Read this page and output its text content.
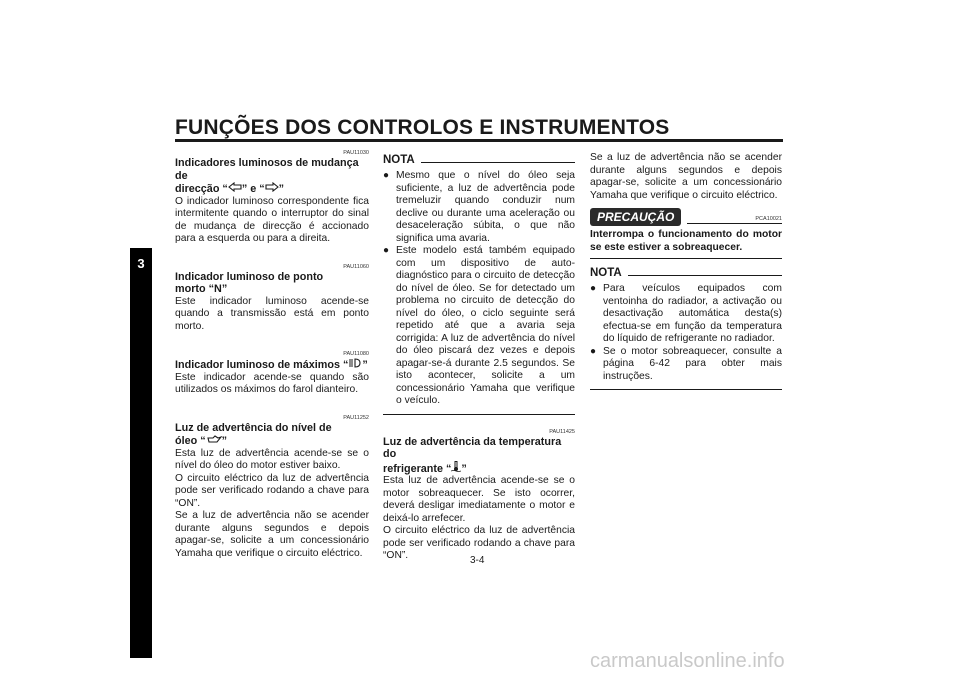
FUNÇÕES DOS CONTROLOS E INSTRUMENTOS
3
PAU11030
Indicadores luminosos de mudança de
direcção “ ” e “ ”

O indicador luminoso correspondente fica intermitente quando o interruptor do sinal de mudança de direcção é accionado para a esquerda ou para a direita.

PAU11060
Indicador luminoso de ponto
morto “N”

Este indicador luminoso acende-se quando a transmissão está em ponto morto.

PAU11080
Indicador luminoso de máximos “ ”

Este indicador acende-se quando são utilizados os máximos do farol dianteiro.

PAU11252
Luz de advertência do nível de
óleo “ ”

Esta luz de advertência acende-se se o nível do óleo do motor estiver baixo.

O circuito eléctrico da luz de advertência pode ser verificado rodando a chave para “ON”.

Se a luz de advertência não se acender durante alguns segundos e depois apagar-se, solicite a um concessionário Yamaha que verifique o circuito eléctrico.

NOTA
● Mesmo que o nível do óleo seja suficiente, a luz de advertência pode tremeluzir quando conduzir num declive ou durante uma aceleração ou desaceleração súbita, o que não significa uma avaria.
● Este modelo está também equipado com um dispositivo de auto-diagnóstico para o circuito de detecção do nível de óleo. Se for detectado um problema no circuito de detecção do nível do óleo, o ciclo seguinte será repetido até que a avaria seja corrigida: A luz de advertência do nível do óleo piscará dez vezes e depois apagar-se-á durante 2.5 segundos. Se isto acontecer, solicite a um concessionário Yamaha que verifique o veículo.
PAU11425
Luz de advertência da temperatura do
refrigerante “ ”

Esta luz de advertência acende-se se o motor sobreaquecer. Se isto ocorrer, deverá desligar imediatamente o motor e deixá-lo arrefecer.

O circuito eléctrico da luz de advertência pode ser verificado rodando a chave para “ON”.

Se a luz de advertência não se acender durante alguns segundos e depois apagar-se, solicite a um concessionário Yamaha que verifique o circuito eléctrico.

PRECAUÇÃO	PCA10021

Interrompa o funcionamento do motor se este estiver a sobreaquecer.

NOTA
● Para veículos equipados com ventoinha do radiador, a activação ou desactivação automática desta(s) efectua-se em função da temperatura do líquido de refrigerante no radiador.
● Se o motor sobreaquecer, consulte a página 6-42 para obter mais instruções.
3-4
carmanualsonline.info
